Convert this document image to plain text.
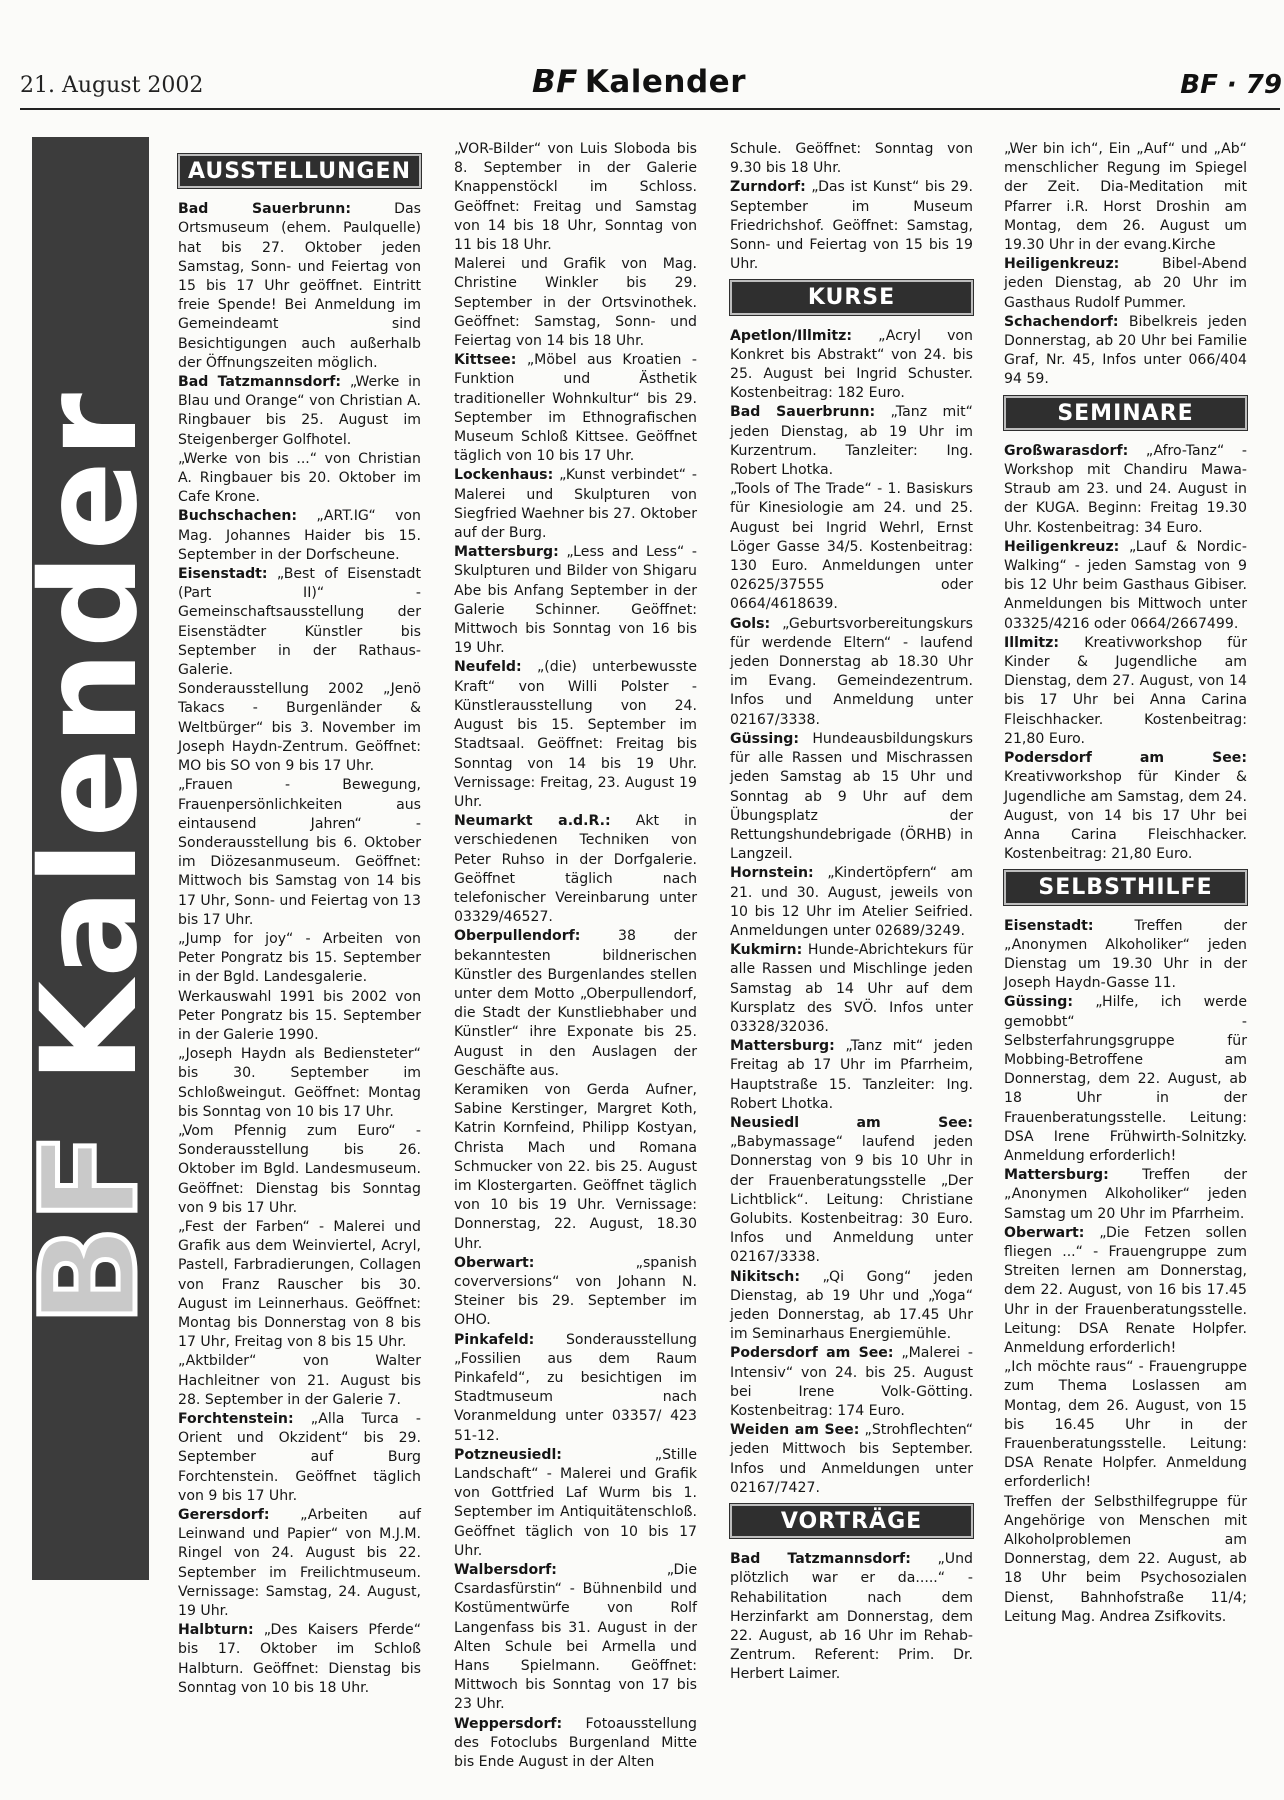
21. August 2002	BF Kalender	BF · 79
BFKalender
AUSSTELLUNGEN

Bad Sauerbrunn: Das Ortsmuseum (ehem. Paulquelle) hat bis 27. Oktober jeden Samstag, Sonn- und Feiertag von 15 bis 17 Uhr geöffnet. Eintritt freie Spende! Bei Anmeldung im Gemeindeamt sind Besichtigungen auch außerhalb der Öffnungszeiten möglich.

Bad Tatzmannsdorf: „Werke in Blau und Orange“ von Christian A. Ringbauer bis 25. August im Steigenberger Golfhotel.

„Werke von bis ...“ von Christian A. Ringbauer bis 20. Oktober im Cafe Krone.

Buchschachen: „ART.IG“ von Mag. Johannes Haider bis 15. September in der Dorfscheune.

Eisenstadt: „Best of Eisenstadt (Part II)“ - Gemeinschaftsausstellung der Eisenstädter Künstler bis September in der Rathaus-Galerie.

Sonderausstellung 2002 „Jenö Takacs - Burgenländer & Weltbürger“ bis 3. November im Joseph Haydn-Zentrum. Geöffnet: MO bis SO von 9 bis 17 Uhr.

„Frauen - Bewegung, Frauenpersönlichkeiten aus eintausend Jahren“ - Sonderausstellung bis 6. Oktober im Diözesanmuseum. Geöffnet: Mittwoch bis Samstag von 14 bis 17 Uhr, Sonn- und Feiertag von 13 bis 17 Uhr.

„Jump for joy“ - Arbeiten von Peter Pongratz bis 15. September in der Bgld. Landesgalerie.

Werkauswahl 1991 bis 2002 von Peter Pongratz bis 15. September in der Galerie 1990.

„Joseph Haydn als Bediensteter“ bis 30. September im Schloßweingut. Geöffnet: Montag bis Sonntag von 10 bis 17 Uhr.

„Vom Pfennig zum Euro“ - Sonderausstellung bis 26. Oktober im Bgld. Landesmuseum. Geöffnet: Dienstag bis Sonntag von 9 bis 17 Uhr.

„Fest der Farben“ - Malerei und Grafik aus dem Weinviertel, Acryl, Pastell, Farbradierungen, Collagen von Franz Rauscher bis 30. August im Leinnerhaus. Geöffnet: Montag bis Donnerstag von 8 bis 17 Uhr, Freitag von 8 bis 15 Uhr.

„Aktbilder“ von Walter Hachleitner von 21. August bis 28. September in der Galerie 7.

Forchtenstein: „Alla Turca - Orient und Okzident“ bis 29. September auf Burg Forchtenstein. Geöffnet täglich von 9 bis 17 Uhr.

Gerersdorf: „Arbeiten auf Leinwand und Papier“ von M.J.M. Ringel von 24. August bis 22. September im Freilichtmuseum. Vernissage: Samstag, 24. August, 19 Uhr.

Halbturn: „Des Kaisers Pferde“ bis 17. Oktober im Schloß Halbturn. Geöffnet: Dienstag bis Sonntag von 10 bis 18 Uhr.

„VOR-Bilder“ von Luis Sloboda bis 8. September in der Galerie Knappenstöckl im Schloss. Geöffnet: Freitag und Samstag von 14 bis 18 Uhr, Sonntag von 11 bis 18 Uhr.

Malerei und Grafik von Mag. Christine Winkler bis 29. September in der Ortsvinothek. Geöffnet: Samstag, Sonn- und Feiertag von 14 bis 18 Uhr.

Kittsee: „Möbel aus Kroatien - Funktion und Ästhetik traditioneller Wohnkultur“ bis 29. September im Ethnografischen Museum Schloß Kittsee. Geöffnet täglich von 10 bis 17 Uhr.

Lockenhaus: „Kunst verbindet“ - Malerei und Skulpturen von Siegfried Waehner bis 27. Oktober auf der Burg.

Mattersburg: „Less and Less“ - Skulpturen und Bilder von Shigaru Abe bis Anfang September in der Galerie Schinner. Geöffnet: Mittwoch bis Sonntag von 16 bis 19 Uhr.

Neufeld: „(die) unterbewusste Kraft“ von Willi Polster - Künstlerausstellung von 24. August bis 15. September im Stadtsaal. Geöffnet: Freitag bis Sonntag von 14 bis 19 Uhr. Vernissage: Freitag, 23. August 19 Uhr.

Neumarkt a.d.R.: Akt in verschiedenen Techniken von Peter Ruhso in der Dorfgalerie. Geöffnet täglich nach telefonischer Vereinbarung unter 03329/46527.

Oberpullendorf: 38 der bekanntesten bildnerischen Künstler des Burgenlandes stellen unter dem Motto „Oberpullendorf, die Stadt der Kunstliebhaber und Künstler“ ihre Exponate bis 25. August in den Auslagen der Geschäfte aus.

Keramiken von Gerda Aufner, Sabine Kerstinger, Margret Koth, Katrin Kornfeind, Philipp Kostyan, Christa Mach und Romana Schmucker von 22. bis 25. August im Klostergarten. Geöffnet täglich von 10 bis 19 Uhr. Vernissage: Donnerstag, 22. August, 18.30 Uhr.

Oberwart: „spanish coverversions“ von Johann N. Steiner bis 29. September im OHO.

Pinkafeld: Sonderausstellung „Fossilien aus dem Raum Pinkafeld“, zu besichtigen im Stadtmuseum nach Voranmeldung unter 03357/ 423 51-12.

Potzneusiedl: „Stille Landschaft“ - Malerei und Grafik von Gottfried Laf Wurm bis 1. September im Antiquitätenschloß. Geöffnet täglich von 10 bis 17 Uhr.

Walbersdorf: „Die Csardasfürstin“ - Bühnenbild und Kostümentwürfe von Rolf Langenfass bis 31. August in der Alten Schule bei Armella und Hans Spielmann. Geöffnet: Mittwoch bis Sonntag von 17 bis 23 Uhr.

Weppersdorf: Fotoausstellung des Fotoclubs Burgenland Mitte bis Ende August in der Alten

Schule. Geöffnet: Sonntag von 9.30 bis 18 Uhr.

Zurndorf: „Das ist Kunst“ bis 29. September im Museum Friedrichshof. Geöffnet: Samstag, Sonn- und Feiertag von 15 bis 19 Uhr.

KURSE

Apetlon/Illmitz: „Acryl von Konkret bis Abstrakt“ von 24. bis 25. August bei Ingrid Schuster. Kostenbeitrag: 182 Euro.

Bad Sauerbrunn: „Tanz mit“ jeden Dienstag, ab 19 Uhr im Kurzentrum. Tanzleiter: Ing. Robert Lhotka.

„Tools of The Trade“ - 1. Basiskurs für Kinesiologie am 24. und 25. August bei Ingrid Wehrl, Ernst Löger Gasse 34/5. Kostenbeitrag: 130 Euro. Anmeldungen unter 02625/37555 oder 0664/4618639.

Gols: „Geburtsvorbereitungskurs für werdende Eltern“ - laufend jeden Donnerstag ab 18.30 Uhr im Evang. Gemeindezentrum. Infos und Anmeldung unter 02167/3338.

Güssing: Hundeausbildungskurs für alle Rassen und Mischrassen jeden Samstag ab 15 Uhr und Sonntag ab 9 Uhr auf dem Übungsplatz der Rettungshundebrigade (ÖRHB) in Langzeil.

Hornstein: „Kindertöpfern“ am 21. und 30. August, jeweils von 10 bis 12 Uhr im Atelier Seifried. Anmeldungen unter 02689/3249.

Kukmirn: Hunde-Abrichtekurs für alle Rassen und Mischlinge jeden Samstag ab 14 Uhr auf dem Kursplatz des SVÖ. Infos unter 03328/32036.

Mattersburg: „Tanz mit“ jeden Freitag ab 17 Uhr im Pfarrheim, Hauptstraße 15. Tanzleiter: Ing. Robert Lhotka.

Neusiedl am See: „Babymassage“ laufend jeden Donnerstag von 9 bis 10 Uhr in der Frauenberatungsstelle „Der Lichtblick“. Leitung: Christiane Golubits. Kostenbeitrag: 30 Euro. Infos und Anmeldung unter 02167/3338.

Nikitsch: „Qi Gong“ jeden Dienstag, ab 19 Uhr und „Yoga“ jeden Donnerstag, ab 17.45 Uhr im Seminarhaus Energiemühle.

Podersdorf am See: „Malerei - Intensiv“ von 24. bis 25. August bei Irene Volk-Götting. Kostenbeitrag: 174 Euro.

Weiden am See: „Strohflechten“ jeden Mittwoch bis September. Infos und Anmeldungen unter 02167/7427.

VORTRÄGE

Bad Tatzmannsdorf: „Und plötzlich war er da.....“ - Rehabilitation nach dem Herzinfarkt am Donnerstag, dem 22. August, ab 16 Uhr im Rehab-Zentrum. Referent: Prim. Dr. Herbert Laimer.

„Wer bin ich“, Ein „Auf“ und „Ab“ menschlicher Regung im Spiegel der Zeit. Dia-Meditation mit Pfarrer i.R. Horst Droshin am Montag, dem 26. August um 19.30 Uhr in der evang.Kirche

Heiligenkreuz: Bibel-Abend jeden Dienstag, ab 20 Uhr im Gasthaus Rudolf Pummer.

Schachendorf: Bibelkreis jeden Donnerstag, ab 20 Uhr bei Familie Graf, Nr. 45, Infos unter 066/404 94 59.

SEMINARE

Großwarasdorf: „Afro-Tanz“ - Workshop mit Chandiru Mawa-Straub am 23. und 24. August in der KUGA. Beginn: Freitag 19.30 Uhr. Kostenbeitrag: 34 Euro.

Heiligenkreuz: „Lauf & Nordic-Walking“ - jeden Samstag von 9 bis 12 Uhr beim Gasthaus Gibiser. Anmeldungen bis Mittwoch unter 03325/4216 oder 0664/2667499.

Illmitz: Kreativworkshop für Kinder & Jugendliche am Dienstag, dem 27. August, von 14 bis 17 Uhr bei Anna Carina Fleischhacker. Kostenbeitrag: 21,80 Euro.

Podersdorf am See: Kreativworkshop für Kinder & Jugendliche am Samstag, dem 24. August, von 14 bis 17 Uhr bei Anna Carina Fleischhacker. Kostenbeitrag: 21,80 Euro.

SELBSTHILFE

Eisenstadt: Treffen der „Anonymen Alkoholiker“ jeden Dienstag um 19.30 Uhr in der Joseph Haydn-Gasse 11.

Güssing: „Hilfe, ich werde gemobbt“ - Selbsterfahrungsgruppe für Mobbing-Betroffene am Donnerstag, dem 22. August, ab 18 Uhr in der Frauenberatungsstelle. Leitung: DSA Irene Frühwirth-Solnitzky. Anmeldung erforderlich!

Mattersburg: Treffen der „Anonymen Alkoholiker“ jeden Samstag um 20 Uhr im Pfarrheim.

Oberwart: „Die Fetzen sollen fliegen ...“ - Frauengruppe zum Streiten lernen am Donnerstag, dem 22. August, von 16 bis 17.45 Uhr in der Frauenberatungsstelle. Leitung: DSA Renate Holpfer. Anmeldung erforderlich!

„Ich möchte raus“ - Frauengruppe zum Thema Loslassen am Montag, dem 26. August, von 15 bis 16.45 Uhr in der Frauenberatungsstelle. Leitung: DSA Renate Holpfer. Anmeldung erforderlich!

Treffen der Selbsthilfegruppe für Angehörige von Menschen mit Alkoholproblemen am Donnerstag, dem 22. August, ab 18 Uhr beim Psychosozialen Dienst, Bahnhofstraße 11/4; Leitung Mag. Andrea Zsifkovits.
